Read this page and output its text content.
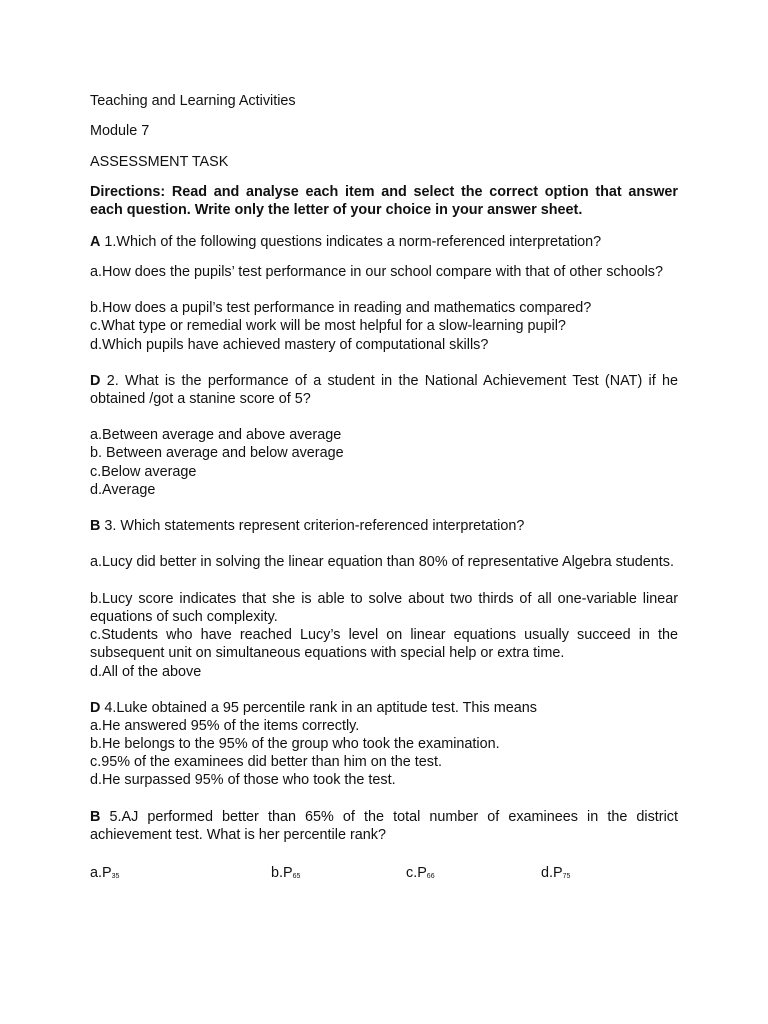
Teaching and Learning Activities
Module 7
ASSESSMENT TASK
Directions: Read and analyse each item and select the correct option that answer each question. Write only the letter of your choice in your answer sheet.
A 1.Which of the following questions indicates a norm-referenced interpretation?
a.How does the pupils’ test performance in our school compare with that of other schools?
b.How does a pupil’s test performance in reading and mathematics compared?
c.What type or remedial work will be most helpful for a slow-learning pupil?
d.Which pupils have achieved mastery of computational skills?
D 2. What is the performance of a student in the National Achievement Test (NAT) if he obtained /got a stanine score of 5?
a.Between average and above average
b. Between average and below average
c.Below average
d.Average
B 3. Which statements represent criterion-referenced interpretation?
a.Lucy did better in solving the linear equation than 80% of representative Algebra students.
b.Lucy score indicates that she is able to solve about two thirds of all one-variable linear equations of such complexity.
c.Students who have reached Lucy’s level on linear equations usually succeed in the subsequent unit on simultaneous equations with special help or extra time.
d.All of the above
D 4.Luke obtained a 95 percentile rank in an aptitude test. This means
a.He answered 95% of the items correctly.
b.He belongs to the 95% of the group who took the examination.
c.95% of the examinees did better than him on the test.
d.He surpassed 95% of those who took the test.
B 5.AJ performed better than 65% of the total number of examinees in the district achievement test. What is her percentile rank?
$a.P_{35}$	$b.P_{65}$	$c.P_{66}$	$d.P_{75}$
